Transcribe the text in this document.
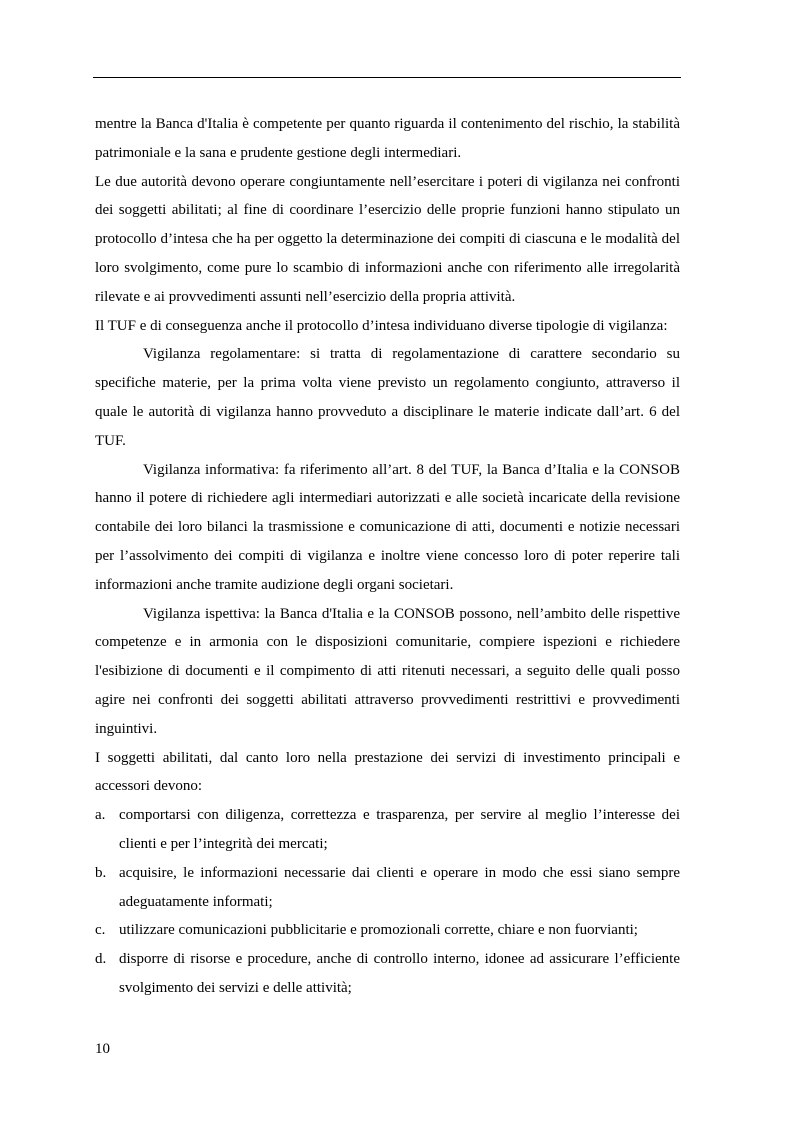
mentre la Banca d'Italia è competente per quanto riguarda il contenimento del rischio, la stabilità patrimoniale e la sana e prudente gestione degli intermediari.

Le due autorità devono operare congiuntamente nell’esercitare i poteri di vigilanza nei confronti dei soggetti abilitati; al fine di coordinare l’esercizio delle proprie funzioni hanno stipulato un protocollo d’intesa che ha per oggetto la determinazione dei compiti di ciascuna e le modalità del loro svolgimento, come pure lo scambio di informazioni anche con riferimento alle irregolarità rilevate e ai provvedimenti assunti nell’esercizio della propria attività.

Il TUF e di conseguenza anche il protocollo d’intesa individuano diverse tipologie di vigilanza:

Vigilanza regolamentare: si tratta di regolamentazione di carattere secondario su specifiche materie, per la prima volta viene previsto un regolamento congiunto, attraverso il quale le autorità di vigilanza hanno provveduto a disciplinare le materie indicate dall’art. 6 del TUF.

Vigilanza informativa: fa riferimento all’art. 8 del TUF, la Banca d’Italia e la CONSOB hanno il potere di richiedere agli intermediari autorizzati e alle società incaricate della revisione contabile dei loro bilanci la trasmissione e comunicazione di atti, documenti e notizie necessari per l’assolvimento dei compiti di vigilanza e inoltre viene concesso loro di poter reperire tali informazioni anche tramite audizione degli organi societari.

Vigilanza ispettiva: la Banca d'Italia e la CONSOB possono, nell’ambito delle rispettive competenze e in armonia con le disposizioni comunitarie, compiere ispezioni e richiedere l'esibizione di documenti e il compimento di atti ritenuti necessari, a seguito delle quali posso agire nei confronti dei soggetti abilitati attraverso provvedimenti restrittivi e provvedimenti inguintivi.

I soggetti abilitati, dal canto loro nella prestazione dei servizi di investimento principali e accessori devono:

a. comportarsi con diligenza, correttezza e trasparenza, per servire al meglio l’interesse dei clienti e per l’integrità dei mercati;
b. acquisire, le informazioni necessarie dai clienti e operare in modo che essi siano sempre adeguatamente informati;
c. utilizzare comunicazioni pubblicitarie e promozionali corrette, chiare e non fuorvianti;
d. disporre di risorse e procedure, anche di controllo interno, idonee ad assicurare l’efficiente svolgimento dei servizi e delle attività;
10
